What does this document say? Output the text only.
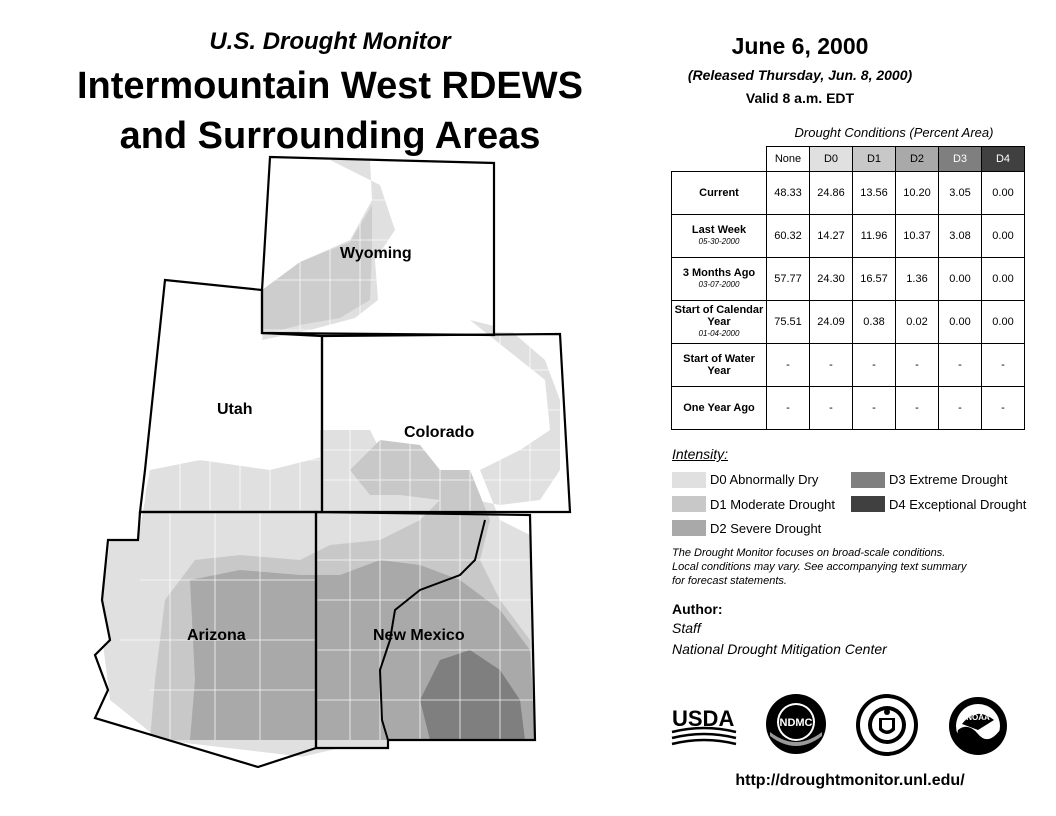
U.S. Drought Monitor
Intermountain West RDEWS
and Surrounding Areas
Wyoming
Utah
Colorado
Arizona	New Mexico
June 6, 2000
(Released Thursday, Jun. 8, 2000)
Valid 8 a.m. EDT
Drought Conditions (Percent Area)
	None	D0	D1	D2	D3	D4
Current	48.33	24.86	13.56	10.20	3.05	0.00
Last Week
05-30-2000	60.32	14.27	11.96	10.37	3.08	0.00
3 Months Ago
03-07-2000	57.77	24.30	16.57	1.36	0.00	0.00
Start of Calendar Year
01-04-2000	75.51	24.09	0.38	0.02	0.00	0.00
Start of Water Year	-	-	-	-	-	-
One Year Ago	-	-	-	-	-	-
Intensity:
D0 Abnormally Dry
D1 Moderate Drought
D2 Severe Drought
D3 Extreme Drought
D4 Exceptional Drought
The Drought Monitor focuses on broad-scale conditions.
Local conditions may vary. See accompanying text summary
for forecast statements.
Author:
Staff
National Drought Mitigation Center
USDA	NDMC	NOAA
http://droughtmonitor.unl.edu/
